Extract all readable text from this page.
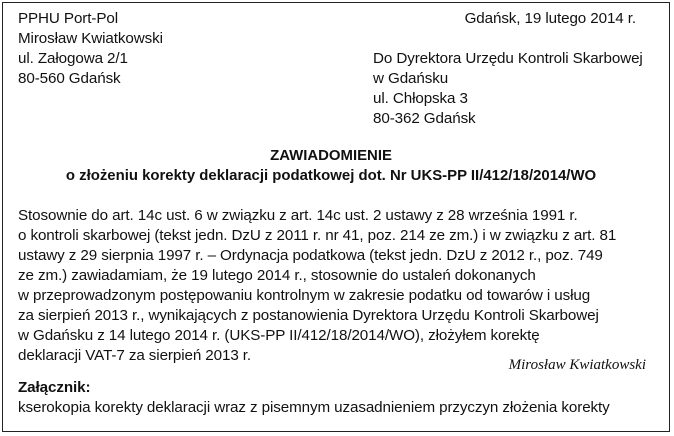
PPHU Port-Pol
Mirosław Kwiatkowski
ul. Załogowa 2/1
80-560 Gdańsk
Gdańsk, 19 lutego 2014 r.
Do Dyrektora Urzędu Kontroli Skarbowej
w Gdańsku
ul. Chłopska 3
80-362 Gdańsk
ZAWIADOMIENIE
o złożeniu korekty deklaracji podatkowej dot. Nr UKS-PP II/412/18/2014/WO
Stosownie do art. 14c ust. 6 w związku z art. 14c ust. 2 ustawy z 28 września 1991 r.
o kontroli skarbowej (tekst jedn. DzU z 2011 r. nr 41, poz. 214 ze zm.) i w związku z art. 81
ustawy z 29 sierpnia 1997 r. – Ordynacja podatkowa (tekst jedn. DzU z 2012 r., poz. 749
ze zm.) zawiadamiam, że 19 lutego 2014 r., stosownie do ustaleń dokonanych
w przeprowadzonym postępowaniu kontrolnym w zakresie podatku od towarów i usług
za sierpień 2013 r., wynikających z postanowienia Dyrektora Urzędu Kontroli Skarbowej
w Gdańsku z 14 lutego 2014 r. (UKS-PP II/412/18/2014/WO), złożyłem korektę
deklaracji VAT-7 za sierpień 2013 r.
Mirosław Kwiatkowski
Załącznik:
kserokopia korekty deklaracji wraz z pisemnym uzasadnieniem przyczyn złożenia korekty
